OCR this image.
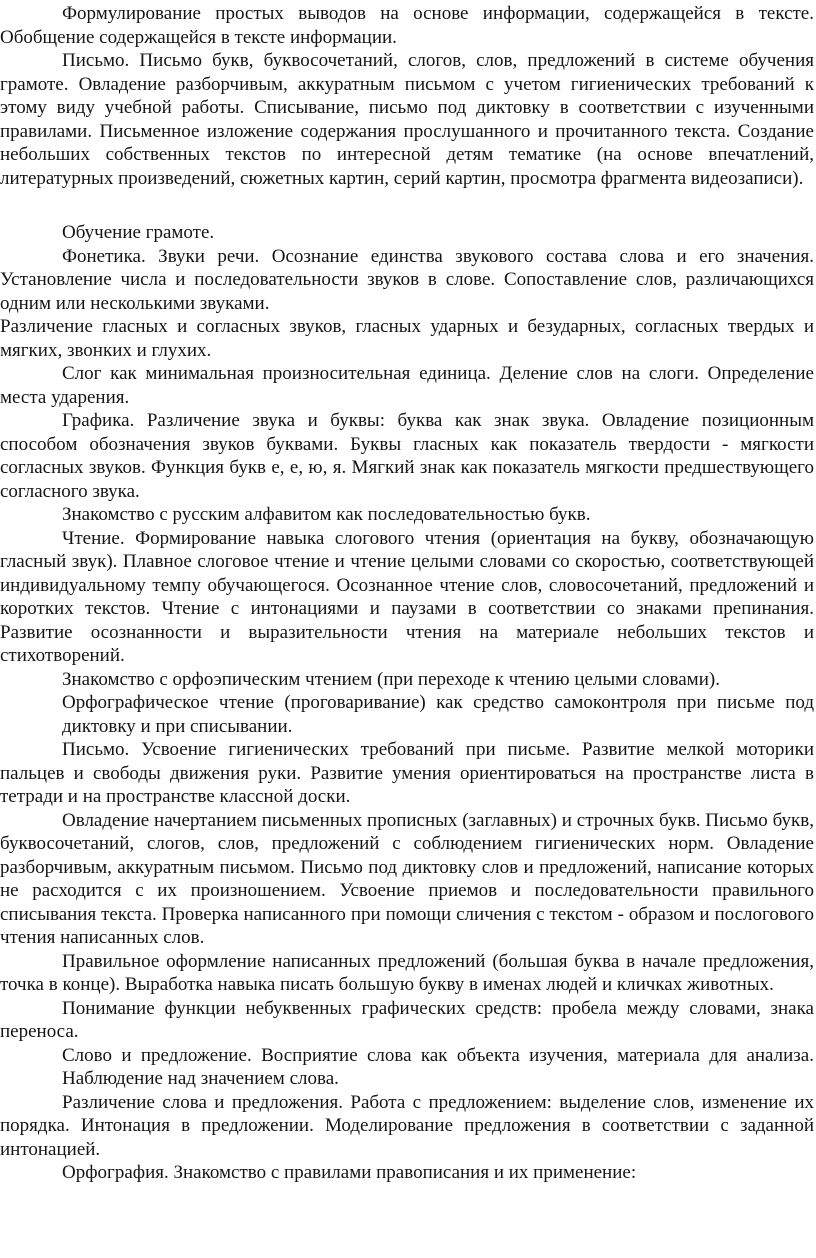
Формулирование простых выводов на основе информации, содержащейся в тексте. Обобщение содержащейся в тексте информации.

Письмо. Письмо букв, буквосочетаний, слогов, слов, предложений в системе обучения грамоте. Овладение разборчивым, аккуратным письмом с учетом гигиенических требований к этому виду учебной работы. Списывание, письмо под диктовку в соответствии с изученными правилами. Письменное изложение содержания прослушанного и прочитанного текста. Создание небольших собственных текстов по интересной детям тематике (на основе впечатлений, литературных произведений, сюжетных картин, серий картин, просмотра фрагмента видеозаписи).

Обучение грамоте.

Фонетика. Звуки речи. Осознание единства звукового состава слова и его значения. Установление числа и последовательности звуков в слове. Сопоставление слов, различающихся одним или несколькими звуками.

Различение гласных и согласных звуков, гласных ударных и безударных, согласных твердых и мягких, звонких и глухих.

Слог как минимальная произносительная единица. Деление слов на слоги. Определение места ударения.

Графика. Различение звука и буквы: буква как знак звука. Овладение позиционным способом обозначения звуков буквами. Буквы гласных как показатель твердости - мягкости согласных звуков. Функция букв е, е, ю, я. Мягкий знак как показатель мягкости предшествующего согласного звука.

Знакомство с русским алфавитом как последовательностью букв.

Чтение. Формирование навыка слогового чтения (ориентация на букву, обозначающую гласный звук). Плавное слоговое чтение и чтение целыми словами со скоростью, соответствующей индивидуальному темпу обучающегося. Осознанное чтение слов, словосочетаний, предложений и коротких текстов. Чтение с интонациями и паузами в соответствии со знаками препинания. Развитие осознанности и выразительности чтения на материале небольших текстов и стихотворений.

Знакомство с орфоэпическим чтением (при переходе к чтению целыми словами).

Орфографическое чтение (проговаривание) как средство самоконтроля при письме под диктовку и при списывании.

Письмо. Усвоение гигиенических требований при письме. Развитие мелкой моторики пальцев и свободы движения руки. Развитие умения ориентироваться на пространстве листа в тетради и на пространстве классной доски.

Овладение начертанием письменных прописных (заглавных) и строчных букв. Письмо букв, буквосочетаний, слогов, слов, предложений с соблюдением гигиенических норм. Овладение разборчивым, аккуратным письмом. Письмо под диктовку слов и предложений, написание которых не расходится с их произношением. Усвоение приемов и последовательности правильного списывания текста. Проверка написанного при помощи сличения с текстом - образом и послогового чтения написанных слов.

Правильное оформление написанных предложений (большая буква в начале предложения, точка в конце). Выработка навыка писать большую букву в именах людей и кличках животных.

Понимание функции небуквенных графических средств: пробела между словами, знака переноса.

Слово и предложение. Восприятие слова как объекта изучения, материала для анализа. Наблюдение над значением слова.

Различение слова и предложения. Работа с предложением: выделение слов, изменение их порядка. Интонация в предложении. Моделирование предложения в соответствии с заданной интонацией.

Орфография. Знакомство с правилами правописания и их применение:
